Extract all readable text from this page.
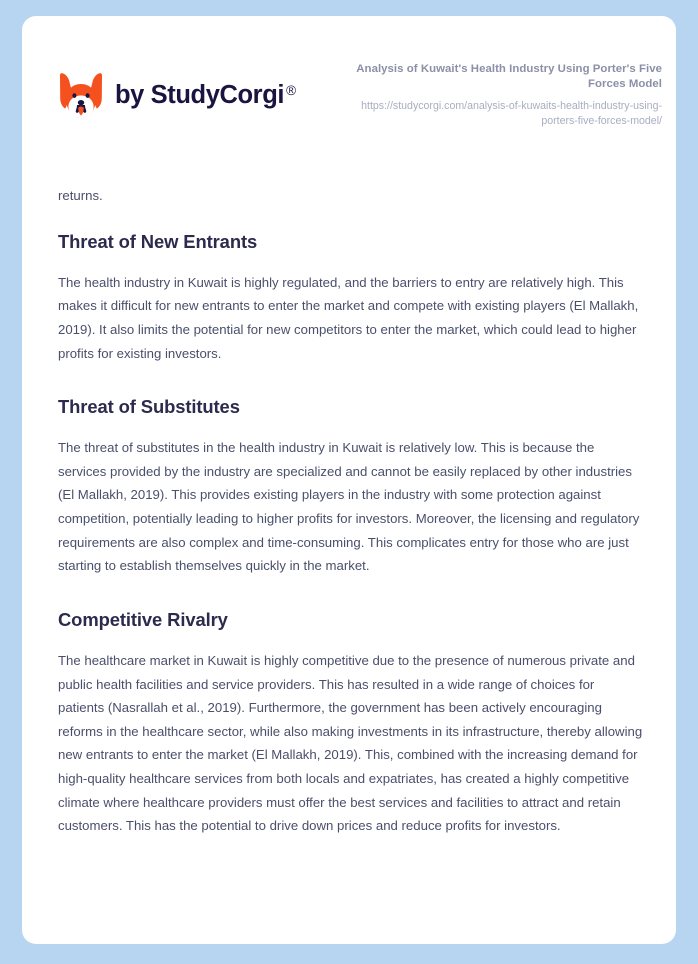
by StudyCorgi ®
Analysis of Kuwait's Health Industry Using Porter's Five Forces Model
https://studycorgi.com/analysis-of-kuwaits-health-industry-using-porters-five-forces-model/

returns.

Threat of New Entrants

The health industry in Kuwait is highly regulated, and the barriers to entry are relatively high. This makes it difficult for new entrants to enter the market and compete with existing players (El Mallakh, 2019). It also limits the potential for new competitors to enter the market, which could lead to higher profits for existing investors.

Threat of Substitutes

The threat of substitutes in the health industry in Kuwait is relatively low. This is because the services provided by the industry are specialized and cannot be easily replaced by other industries (El Mallakh, 2019). This provides existing players in the industry with some protection against competition, potentially leading to higher profits for investors. Moreover, the licensing and regulatory requirements are also complex and time-consuming. This complicates entry for those who are just starting to establish themselves quickly in the market.

Competitive Rivalry

The healthcare market in Kuwait is highly competitive due to the presence of numerous private and public health facilities and service providers. This has resulted in a wide range of choices for patients (Nasrallah et al., 2019). Furthermore, the government has been actively encouraging reforms in the healthcare sector, while also making investments in its infrastructure, thereby allowing new entrants to enter the market (El Mallakh, 2019). This, combined with the increasing demand for high-quality healthcare services from both locals and expatriates, has created a highly competitive climate where healthcare providers must offer the best services and facilities to attract and retain customers. This has the potential to drive down prices and reduce profits for investors.
